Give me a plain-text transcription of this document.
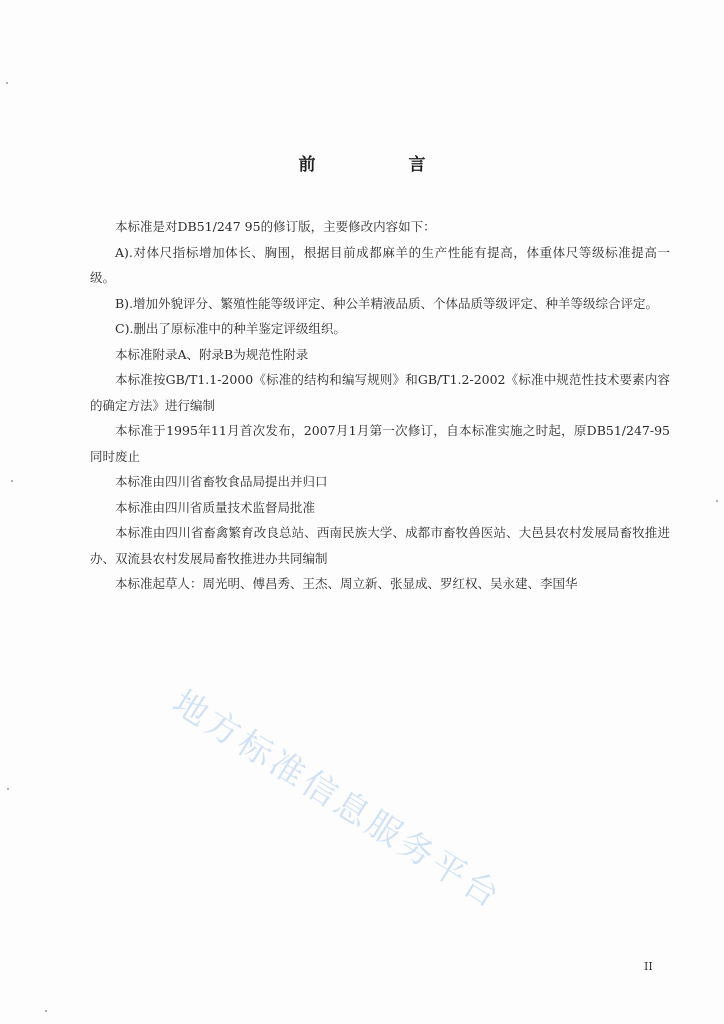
前　言

本标准是对DB51/247 95的修订版，主要修改内容如下：

A).对体尺指标增加体长、胸围，根据目前成都麻羊的生产性能有提高，体重体尺等级标准提高一级。

B).增加外貌评分、繁殖性能等级评定、种公羊精液品质、个体品质等级评定、种羊等级综合评定。

C).删出了原标准中的种羊鉴定评级组织。

本标准附录A、附录B为规范性附录

本标准按GB/T1.1-2000《标准的结构和编写规则》和GB/T1.2-2002《标准中规范性技术要素内容的确定方法》进行编制

本标准于1995年11月首次发布，2007月1月第一次修订，自本标准实施之时起，原DB51/247-95同时废止

本标准由四川省畜牧食品局提出并归口

本标准由四川省质量技术监督局批准

本标准由四川省畜禽繁育改良总站、西南民族大学、成都市畜牧兽医站、大邑县农村发展局畜牧推进办、双流县农村发展局畜牧推进办共同编制

本标准起草人：周光明、傅昌秀、王杰、周立新、张显成、罗红权、吴永建、李国华

地方标准信息服务平台
II
